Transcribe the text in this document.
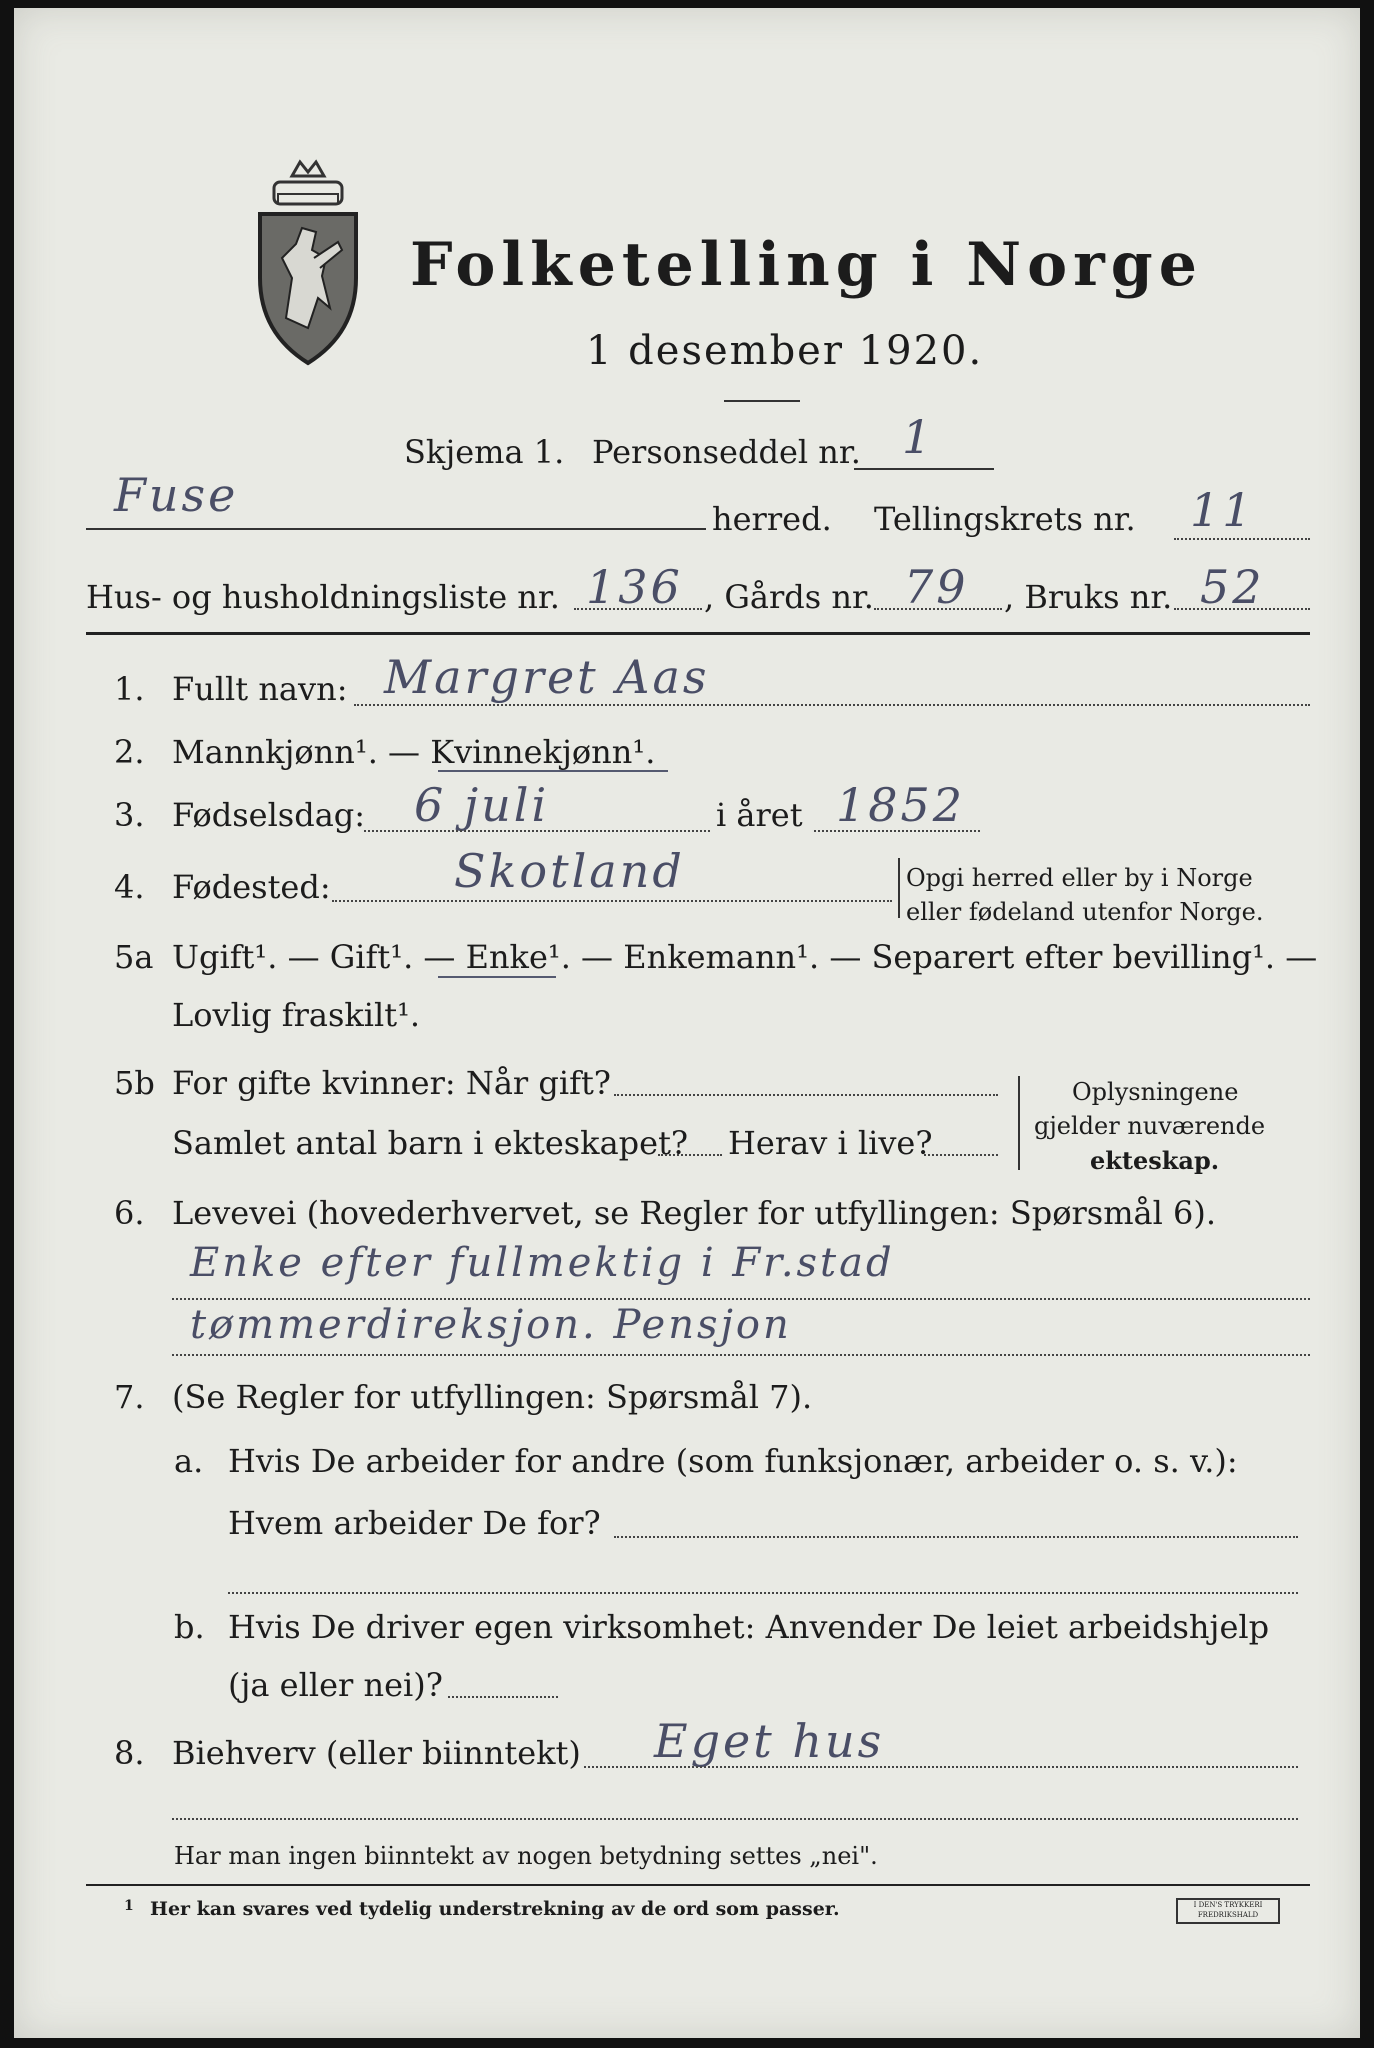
Folketelling i Norge
1 desember 1920.
Skjema 1. Personseddel nr. 1
Fuse	herred. Tellingskrets nr. 11
Hus- og husholdningsliste nr. 136 , Gårds nr. 79 , Bruks nr. 52
1. Fullt navn: Margret Aas
2. Mannkjønn¹. — Kvinnekjønn¹.
3. Fødselsdag: 6 juli	i året 1852
4. Fødested:	Skotland	Opgi herred eller by i Norge
eller fødeland utenfor Norge.
5a Ugift¹. — Gift¹. — Enke¹. — Enkemann¹. — Separert efter bevilling¹. —
Lovlig fraskilt¹.
5b For gifte kvinner: Når gift?
Samlet antal barn i ekteskapet? Herav i live?
Oplysningene
gjelder nuværende
ekteskap.
6. Levevei (hovederhvervet, se Regler for utfyllingen: Spørsmål 6).
Enke efter fullmektig i Fr.stad
tømmerdireksjon. Pensjon
7. (Se Regler for utfyllingen: Spørsmål 7).
a. Hvis De arbeider for andre (som funksjonær, arbeider o. s. v.):
Hvem arbeider De for?
b. Hvis De driver egen virksomhet: Anvender De leiet arbeidshjelp
(ja eller nei)?
8. Biehverv (eller biinntekt) Eget hus
Har man ingen biinntekt av nogen betydning settes „nei".
1 Her kan svares ved tydelig understrekning av de ord som passer.	I DEN'S TRYKKERI FREDRIKSHALD
